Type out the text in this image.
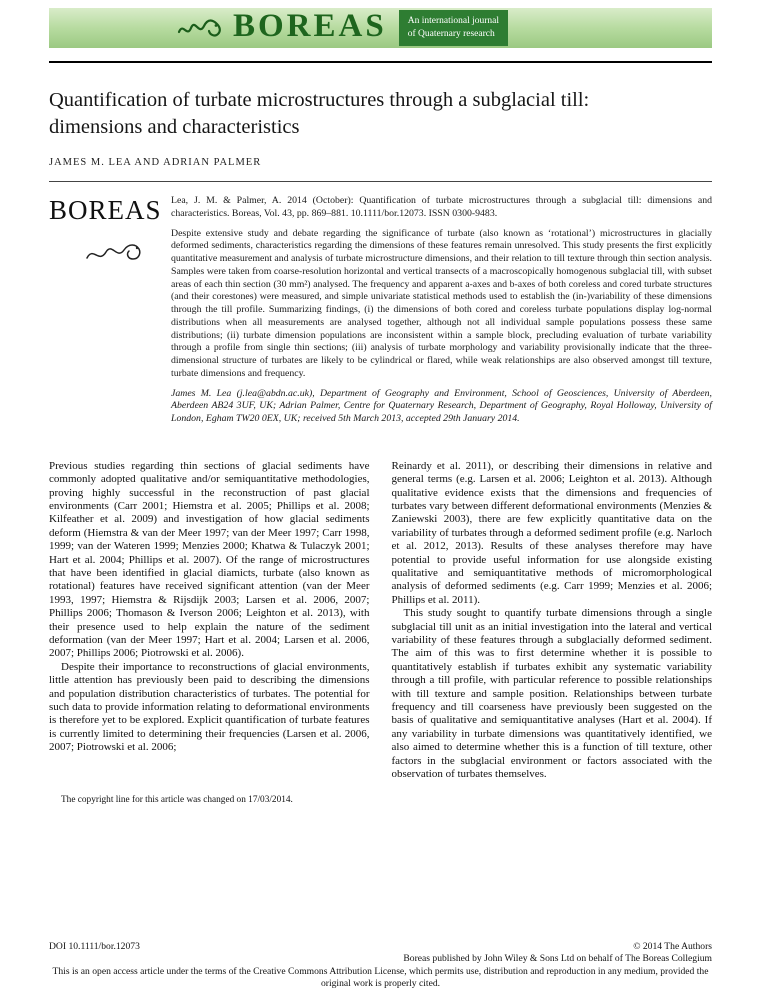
BOREAS An international journal
of Quaternary research
Quantification of turbate microstructures through a subglacial till:
dimensions and characteristics
JAMES M. LEA AND ADRIAN PALMER
BOREAS Lea, J. M. & Palmer, A. 2014 (October): Quantification of turbate microstructures through a subglacial till: dimensions and characteristics. Boreas, Vol. 43, pp. 869–881. 10.1111/bor.12073. ISSN 0300-9483.

Despite extensive study and debate regarding the significance of turbate (also known as ‘rotational’) microstructures in glacially deformed sediments, characteristics regarding the dimensions of these features remain unresolved. This study presents the first explicitly quantitative measurement and analysis of turbate microstructure dimensions, and their relation to till texture through thin section analysis. Samples were taken from coarse-resolution horizontal and vertical transects of a macroscopically homogenous subglacial till, with subset areas of each thin section (30 mm²) analysed. The frequency and apparent a-axes and b-axes of both coreless and cored turbate structures (and their corestones) were measured, and simple univariate statistical methods used to establish the (in-)variability of these dimensions through the till profile. Summarizing findings, (i) the dimensions of both cored and coreless turbate populations display log-normal distributions when all measurements are analysed together, although not all individual sample populations possess these same distributions; (ii) turbate dimension populations are inconsistent within a sample block, precluding evaluation of turbate variability through a profile from single thin sections; (iii) analysis of turbate morphology and variability provisionally indicate that the three-dimensional structure of turbates are likely to be cylindrical or flared, while weak relationships are also observed amongst till texture, turbate dimensions and frequency.

James M. Lea (j.lea@abdn.ac.uk), Department of Geography and Environment, School of Geosciences, University of Aberdeen, Aberdeen AB24 3UF, UK; Adrian Palmer, Centre for Quaternary Research, Department of Geography, Royal Holloway, University of London, Egham TW20 0EX, UK; received 5th March 2013, accepted 29th January 2014.

Previous studies regarding thin sections of glacial sediments have commonly adopted qualitative and/or semiquantitative methodologies, proving highly successful in the reconstruction of past glacial environments (Carr 2001; Hiemstra et al. 2005; Phillips et al. 2008; Kilfeather et al. 2009) and investigation of how glacial sediments deform (Hiemstra & van der Meer 1997; van der Meer 1997; Carr 1998, 1999; van der Wateren 1999; Menzies 2000; Khatwa & Tulaczyk 2001; Hart et al. 2004; Phillips et al. 2007). Of the range of microstructures that have been identified in glacial diamicts, turbate (also known as rotational) features have received significant attention (van der Meer 1993, 1997; Hiemstra & Rijsdijk 2003; Larsen et al. 2006, 2007; Phillips 2006; Thomason & Iverson 2006; Leighton et al. 2013), with their presence used to help explain the nature of the sediment deformation (van der Meer 1997; Hart et al. 2004; Larsen et al. 2006, 2007; Phillips 2006; Piotrowski et al. 2006).

Despite their importance to reconstructions of glacial environments, little attention has previously been paid to describing the dimensions and population distribution characteristics of turbates. The potential for such data to provide information relating to deformational environments is therefore yet to be explored. Explicit quantification of turbate features is currently limited to determining their frequencies (Larsen et al. 2006, 2007; Piotrowski et al. 2006;

The copyright line for this article was changed on 17/03/2014.

Reinardy et al. 2011), or describing their dimensions in relative and general terms (e.g. Larsen et al. 2006; Leighton et al. 2013). Although qualitative evidence exists that the dimensions and frequencies of turbates vary between different deformational environments (Menzies & Zaniewski 2003), there are few explicitly quantitative data on the variability of turbates through a deformed sediment profile (e.g. Narloch et al. 2012, 2013). Results of these analyses therefore may have potential to provide useful information for use alongside existing qualitative and semiquantitative methods of micromorphological analysis of deformed sediments (e.g. Carr 1999; Menzies et al. 2006; Phillips et al. 2011).

This study sought to quantify turbate dimensions through a single subglacial till unit as an initial investigation into the lateral and vertical variability of these features through a subglacially deformed sediment. The aim of this was to first determine whether it is possible to quantitatively establish if turbates exhibit any systematic variability through a till profile, with particular reference to possible relationships with till texture and sample position. Relationships between turbate frequency and till coarseness have previously been suggested on the basis of qualitative and semiquantitative analyses (Hart et al. 2004). If any variability in turbate dimensions was quantitatively identified, we also aimed to determine whether this is a function of till texture, other factors in the subglacial environment or factors associated with the observation of turbates themselves.

DOI 10.1111/bor.12073	© 2014 The Authors
Boreas published by John Wiley & Sons Ltd on behalf of The Boreas Collegium
This is an open access article under the terms of the Creative Commons Attribution License, which permits use, distribution and reproduction in any medium, provided the original work is properly cited.
